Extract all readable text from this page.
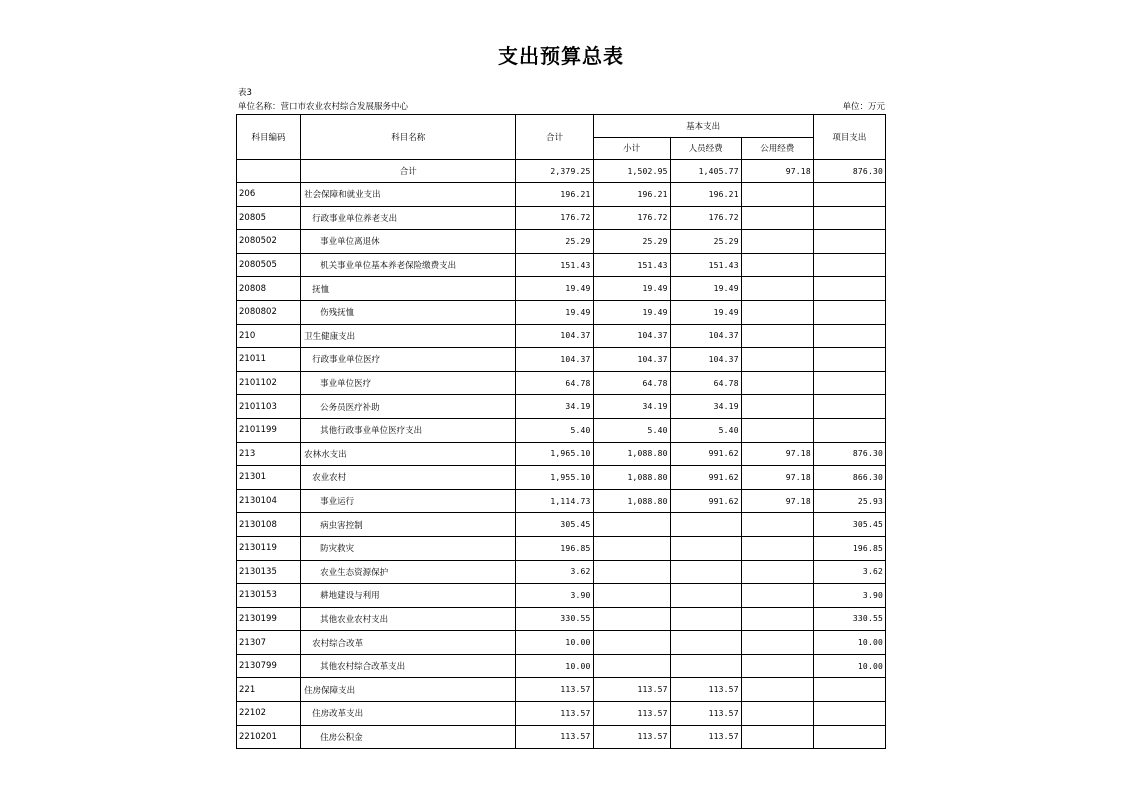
支出预算总表
表3
单位名称：营口市农业农村综合发展服务中心	单位：万元
科目编码	科目名称	合计	基本支出			项目支出
			小计	人员经费	公用经费	
	合计	2,379.25	1,502.95	1,405.77	97.18	876.30
206	社会保障和就业支出	196.21	196.21	196.21		
20805	行政事业单位养老支出	176.72	176.72	176.72		
2080502	事业单位离退休	25.29	25.29	25.29		
2080505	机关事业单位基本养老保险缴费支出	151.43	151.43	151.43		
20808	抚恤	19.49	19.49	19.49		
2080802	伤残抚恤	19.49	19.49	19.49		
210	卫生健康支出	104.37	104.37	104.37		
21011	行政事业单位医疗	104.37	104.37	104.37		
2101102	事业单位医疗	64.78	64.78	64.78		
2101103	公务员医疗补助	34.19	34.19	34.19		
2101199	其他行政事业单位医疗支出	5.40	5.40	5.40		
213	农林水支出	1,965.10	1,088.80	991.62	97.18	876.30
21301	农业农村	1,955.10	1,088.80	991.62	97.18	866.30
2130104	事业运行	1,114.73	1,088.80	991.62	97.18	25.93
2130108	病虫害控制	305.45				305.45
2130119	防灾救灾	196.85				196.85
2130135	农业生态资源保护	3.62				3.62
2130153	耕地建设与利用	3.90				3.90
2130199	其他农业农村支出	330.55				330.55
21307	农村综合改革	10.00				10.00
2130799	其他农村综合改革支出	10.00				10.00
221	住房保障支出	113.57	113.57	113.57		
22102	住房改革支出	113.57	113.57	113.57		
2210201	住房公积金	113.57	113.57	113.57		
